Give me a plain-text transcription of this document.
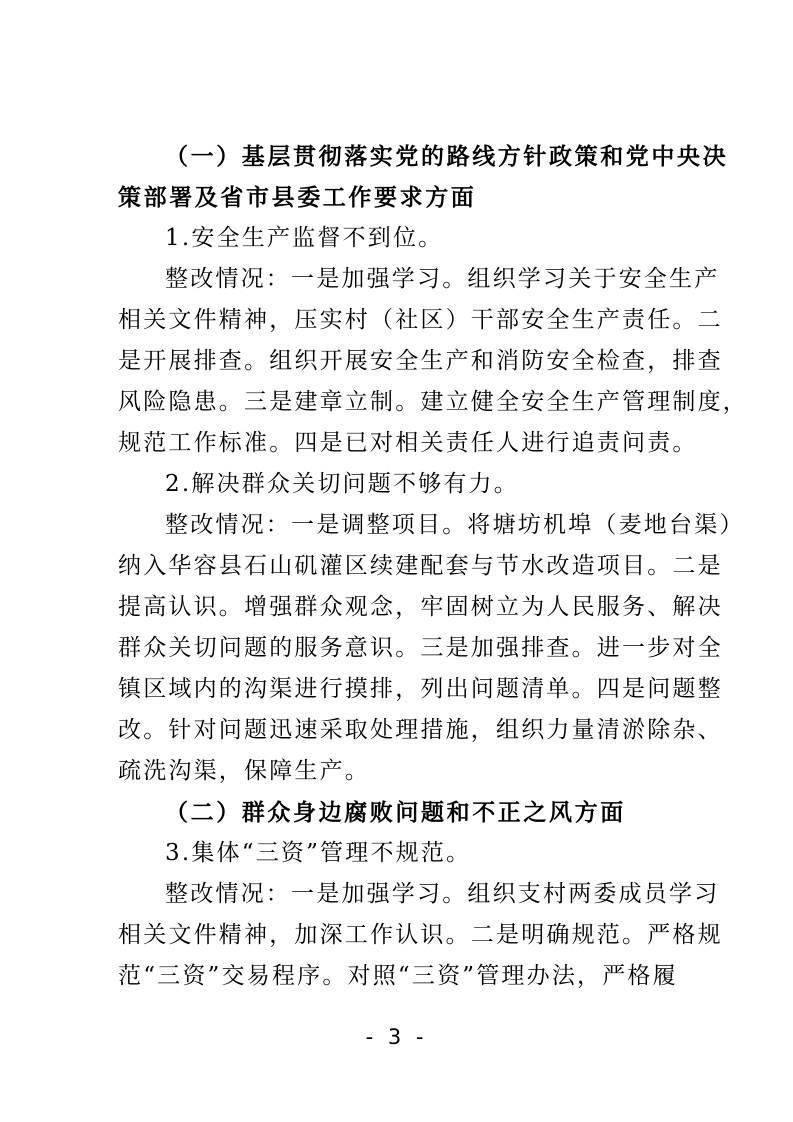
（一）基层贯彻落实党的路线方针政策和党中央决
策部署及省市县委工作要求方面
1.安全生产监督不到位。
整改情况：一是加强学习。组织学习关于安全生产
相关文件精神，压实村（社区）干部安全生产责任。二
是开展排查。组织开展安全生产和消防安全检查，排查
风险隐患。三是建章立制。建立健全安全生产管理制度，
规范工作标准。四是已对相关责任人进行追责问责。
2.解决群众关切问题不够有力。
整改情况：一是调整项目。将塘坊机埠（麦地台渠）
纳入华容县石山矶灌区续建配套与节水改造项目。二是
提高认识。增强群众观念，牢固树立为人民服务、解决
群众关切问题的服务意识。三是加强排查。进一步对全
镇区域内的沟渠进行摸排，列出问题清单。四是问题整
改。针对问题迅速采取处理措施，组织力量清淤除杂、
疏洗沟渠，保障生产。
（二）群众身边腐败问题和不正之风方面
3.集体“三资”管理不规范。
整改情况：一是加强学习。组织支村两委成员学习
相关文件精神，加深工作认识。二是明确规范。严格规
范“三资”交易程序。对照“三资”管理办法，严格履
- 3 -
